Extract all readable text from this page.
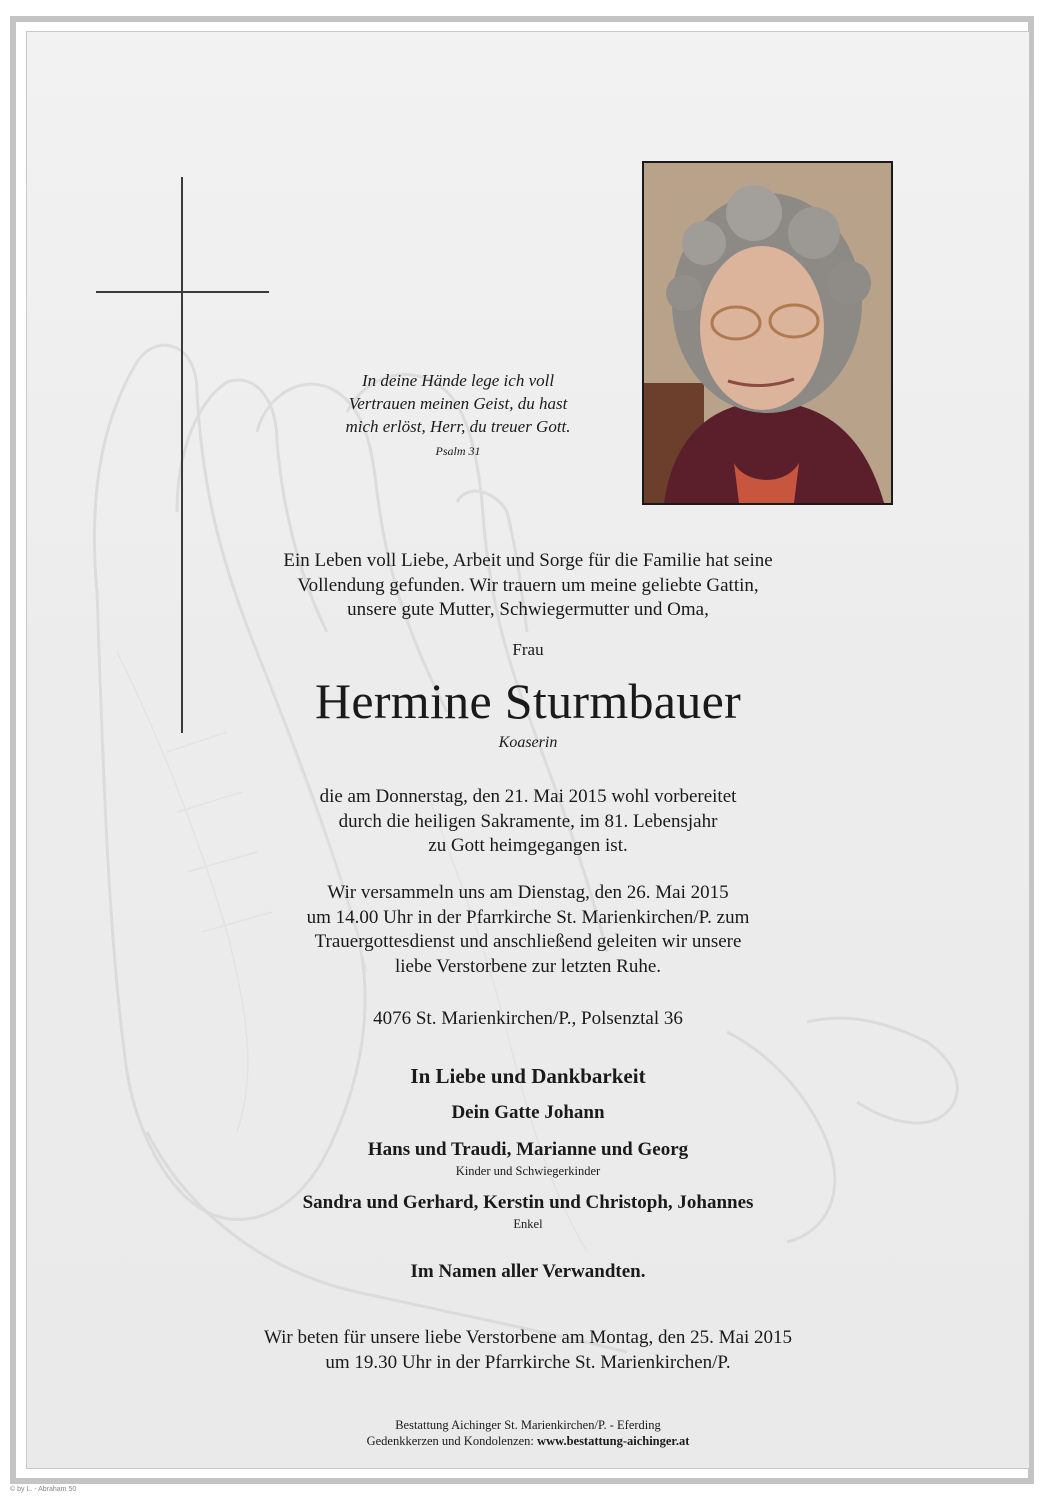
In deine Hände lege ich voll
Vertrauen meinen Geist, du hast
mich erlöst, Herr, du treuer Gott.
Psalm 31
Ein Leben voll Liebe, Arbeit und Sorge für die Familie hat seine
Vollendung gefunden. Wir trauern um meine geliebte Gattin,
unsere gute Mutter, Schwiegermutter und Oma,
Frau
Hermine Sturmbauer
Koaserin
die am Donnerstag, den 21. Mai 2015 wohl vorbereitet
durch die heiligen Sakramente, im 81. Lebensjahr
zu Gott heimgegangen ist.
Wir versammeln uns am Dienstag, den 26. Mai 2015
um 14.00 Uhr in der Pfarrkirche St. Marienkirchen/P. zum
Trauergottesdienst und anschließend geleiten wir unsere
liebe Verstorbene zur letzten Ruhe.
4076 St. Marienkirchen/P., Polsenztal 36
In Liebe und Dankbarkeit
Dein Gatte Johann
Hans und Traudi, Marianne und Georg
Kinder und Schwiegerkinder
Sandra und Gerhard, Kerstin und Christoph, Johannes
Enkel
Im Namen aller Verwandten.
Wir beten für unsere liebe Verstorbene am Montag, den 25. Mai 2015
um 19.30 Uhr in der Pfarrkirche St. Marienkirchen/P.
Bestattung Aichinger St. Marienkirchen/P. - Eferding
Gedenkkerzen und Kondolenzen: www.bestattung-aichinger.at
© by L. - Abraham 50
